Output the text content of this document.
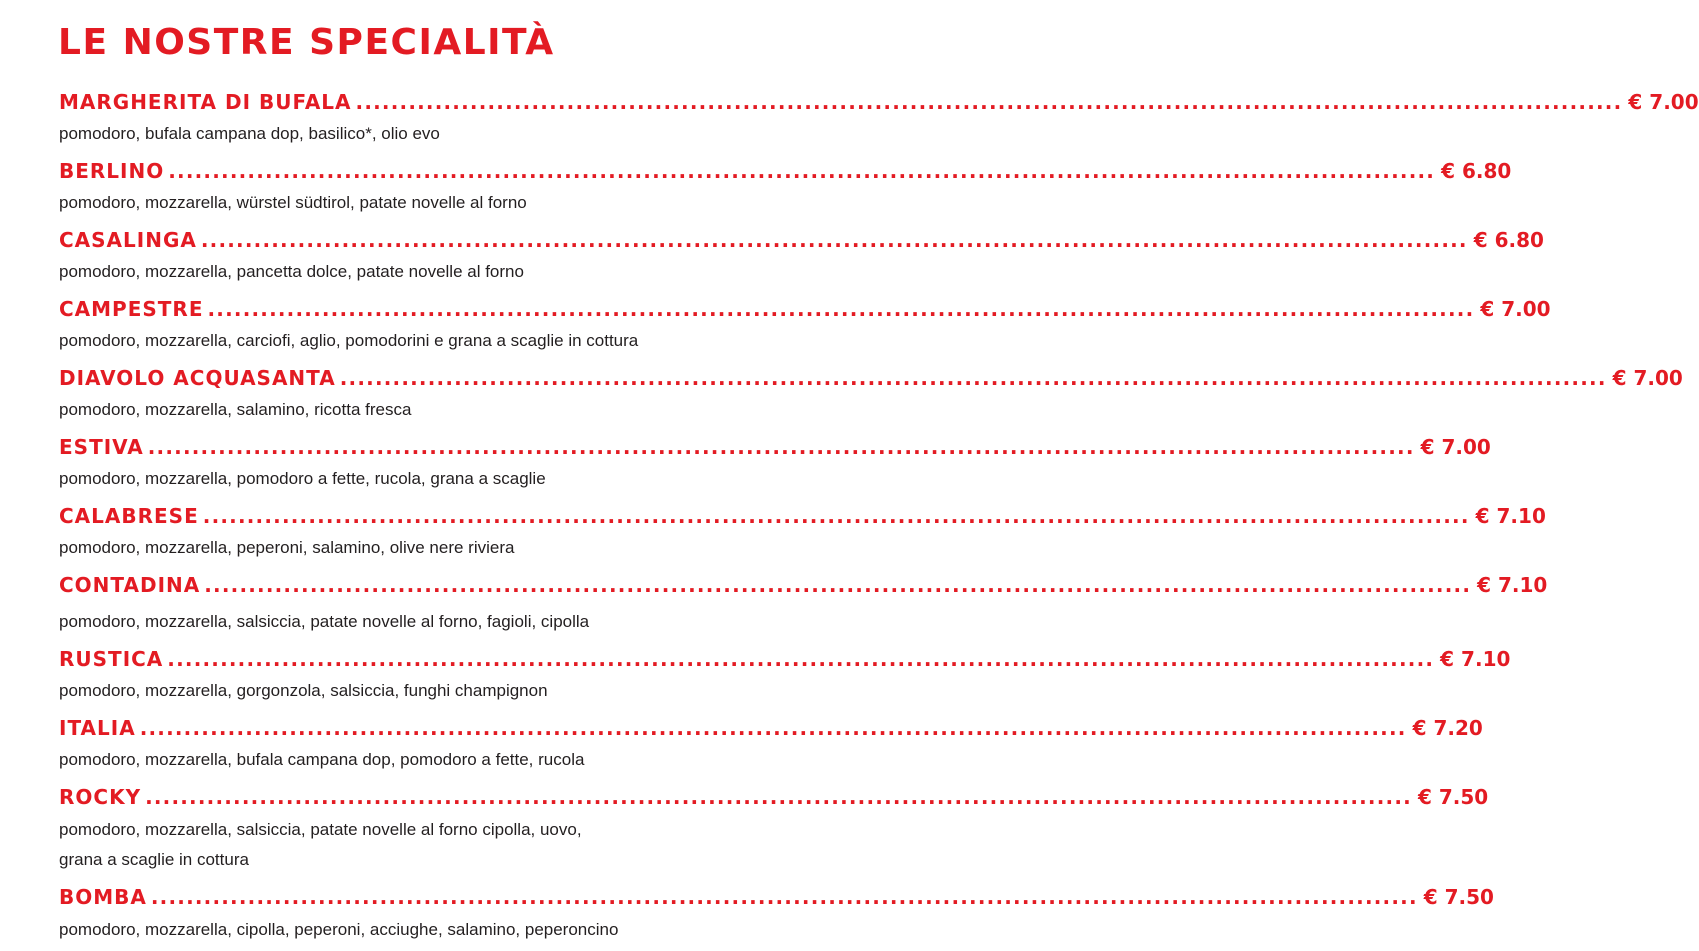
LE NOSTRE SPECIALITÀ
MARGHERITA DI BUFALA ................................................................................................................................................ € 7.00
pomodoro, bufala campana dop, basilico*, olio evo
BERLINO ................................................................................................................................................ € 6.80
pomodoro, mozzarella, würstel südtirol, patate novelle al forno
CASALINGA ................................................................................................................................................ € 6.80
pomodoro, mozzarella, pancetta dolce, patate novelle al forno
CAMPESTRE ................................................................................................................................................ € 7.00
pomodoro, mozzarella, carciofi, aglio, pomodorini e grana a scaglie in cottura
DIAVOLO ACQUASANTA ................................................................................................................................................ € 7.00
pomodoro, mozzarella, salamino, ricotta fresca
ESTIVA ................................................................................................................................................ € 7.00
pomodoro, mozzarella, pomodoro a fette, rucola, grana a scaglie
CALABRESE ................................................................................................................................................ € 7.10
pomodoro, mozzarella, peperoni, salamino, olive nere riviera
CONTADINA ................................................................................................................................................ € 7.10
pomodoro, mozzarella, salsiccia, patate novelle al forno, fagioli, cipolla
RUSTICA ................................................................................................................................................ € 7.10
pomodoro, mozzarella, gorgonzola, salsiccia, funghi champignon
ITALIA ................................................................................................................................................ € 7.20
pomodoro, mozzarella, bufala campana dop, pomodoro a fette, rucola
ROCKY ................................................................................................................................................ € 7.50
pomodoro, mozzarella, salsiccia, patate novelle al forno cipolla, uovo,
grana a scaglie in cottura
BOMBA ................................................................................................................................................ € 7.50
pomodoro, mozzarella, cipolla, peperoni, acciughe, salamino, peperoncino
